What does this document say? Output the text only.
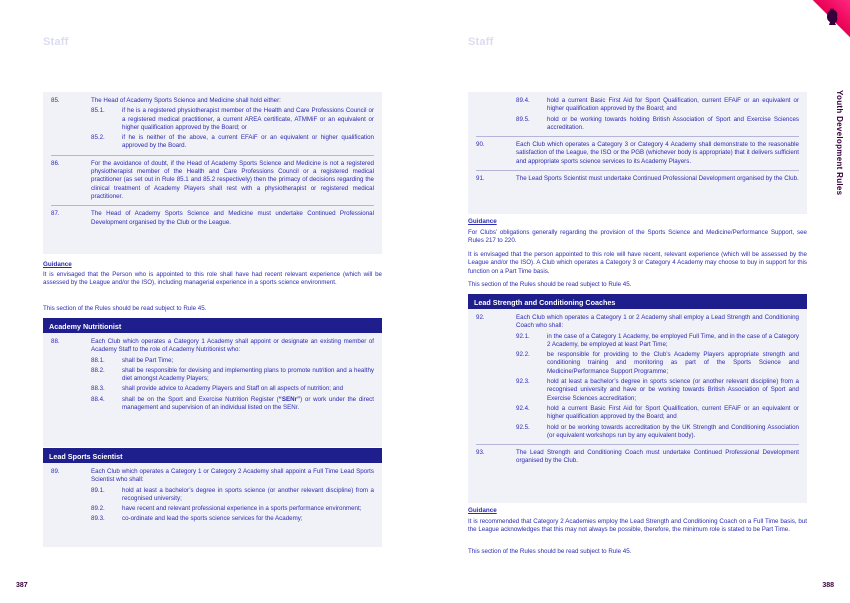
Staff
85.	The Head of Academy Sports Science and Medicine shall hold either:
85.1.	if he is a registered physiotherapist member of the Health and Care Professions Council or a registered medical practitioner, a current AREA certificate, ATMMiF or an equivalent or higher qualification approved by the Board; or
85.2.	if he is neither of the above, a current EFAiF or an equivalent or higher qualification approved by the Board.
86.	For the avoidance of doubt, if the Head of Academy Sports Science and Medicine is not a registered physiotherapist member of the Health and Care Professions Council or a registered medical practitioner (as set out in Rule 85.1 and 85.2 respectively) then the primacy of decisions regarding the clinical treatment of Academy Players shall rest with a physiotherapist or registered medical practitioner.
87.	The Head of Academy Sports Science and Medicine must undertake Continued Professional Development organised by the Club or the League.
Guidance
It is envisaged that the Person who is appointed to this role shall have had recent relevant experience (which will be assessed by the League and/or the ISO), including managerial experience in a sports science environment.
This section of the Rules should be read subject to Rule 45.
Academy Nutritionist
88.	Each Club which operates a Category 1 Academy shall appoint or designate an existing member of Academy Staff to the role of Academy Nutritionist who:
88.1.	shall be Part Time;
88.2.	shall be responsible for devising and implementing plans to promote nutrition and a healthy diet amongst Academy Players;
88.3.	shall provide advice to Academy Players and Staff on all aspects of nutrition; and
88.4.	shall be on the Sport and Exercise Nutrition Register (“SENr”) or work under the direct management and supervision of an individual listed on the SENr.
Lead Sports Scientist
89.	Each Club which operates a Category 1 or Category 2 Academy shall appoint a Full Time Lead Sports Scientist who shall:
89.1.	hold at least a bachelor’s degree in sports science (or another relevant discipline) from a recognised university;
89.2.	have recent and relevant professional experience in a sports performance environment;
89.3.	co-ordinate and lead the sports science services for the Academy;
387
Staff
Youth Development Rules
89.4.	hold a current Basic First Aid for Sport Qualification, current EFAiF or an equivalent or higher qualification approved by the Board; and
89.5.	hold or be working towards holding British Association of Sport and Exercise Sciences accreditation.
90.	Each Club which operates a Category 3 or Category 4 Academy shall demonstrate to the reasonable satisfaction of the League, the ISO or the PGB (whichever body is appropriate) that it delivers sufficient and appropriate sports science services to its Academy Players.
91.	The Lead Sports Scientist must undertake Continued Professional Development organised by the Club.
Guidance
For Clubs’ obligations generally regarding the provision of the Sports Science and Medicine/Performance Support, see Rules 217 to 220.
It is envisaged that the person appointed to this role will have recent, relevant experience (which will be assessed by the League and/or the ISO). A Club which operates a Category 3 or Category 4 Academy may choose to buy in support for this function on a Part Time basis.
This section of the Rules should be read subject to Rule 45.
Lead Strength and Conditioning Coaches
92.	Each Club which operates a Category 1 or 2 Academy shall employ a Lead Strength and Conditioning Coach who shall:
92.1.	in the case of a Category 1 Academy, be employed Full Time, and in the case of a Category 2 Academy, be employed at least Part Time;
92.2.	be responsible for providing to the Club’s Academy Players appropriate strength and conditioning training and monitoring as part of the Sports Science and Medicine/Performance Support Programme;
92.3.	hold at least a bachelor’s degree in sports science (or another relevant discipline) from a recognised university and have or be working towards British Association of Sport and Exercise Sciences accreditation;
92.4.	hold a current Basic First Aid for Sport Qualification, current EFAiF or an equivalent or higher qualification approved by the Board; and
92.5.	hold or be working towards accreditation by the UK Strength and Conditioning Association (or equivalent workshops run by any equivalent body).
93.	The Lead Strength and Conditioning Coach must undertake Continued Professional Development organised by the Club.
Guidance
It is recommended that Category 2 Academies employ the Lead Strength and Conditioning Coach on a Full Time basis, but the League acknowledges that this may not always be possible, therefore, the minimum role is stated to be Part Time.
This section of the Rules should be read subject to Rule 45.
388
